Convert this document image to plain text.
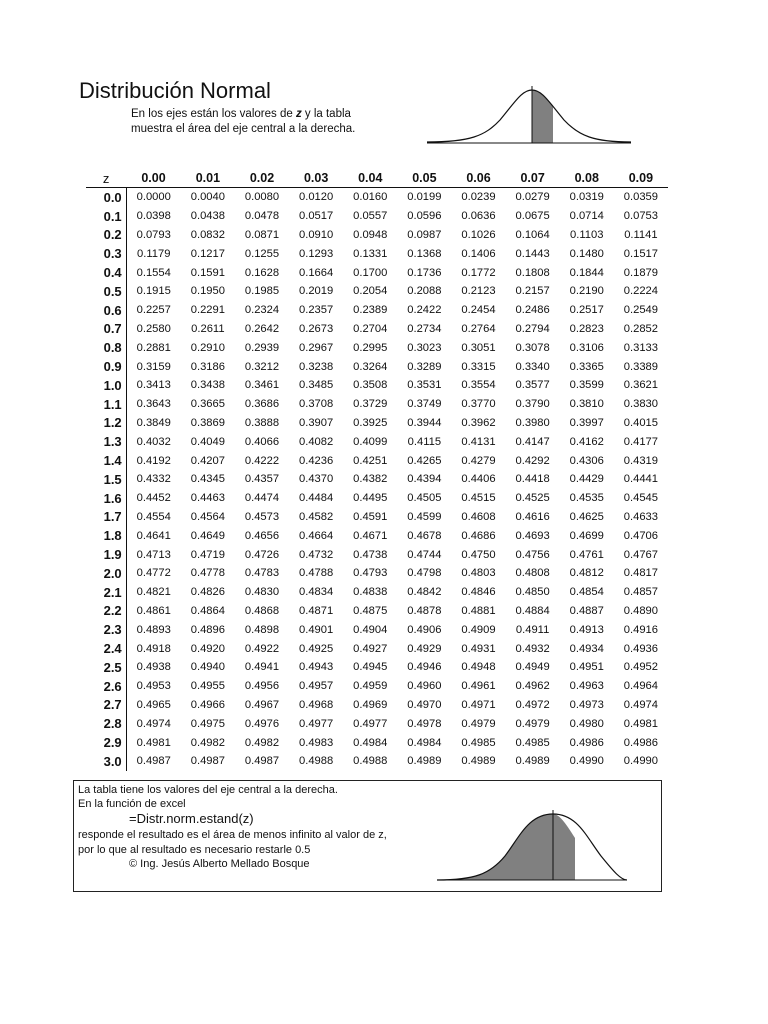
Distribución Normal
En los ejes están los valores de z y la tabla
muestra el área del eje central a la derecha.
z	0.00	0.01	0.02	0.03	0.04	0.05	0.06	0.07	0.08	0.09
0.0	0.0000	0.0040	0.0080	0.0120	0.0160	0.0199	0.0239	0.0279	0.0319	0.0359
0.1	0.0398	0.0438	0.0478	0.0517	0.0557	0.0596	0.0636	0.0675	0.0714	0.0753
0.2	0.0793	0.0832	0.0871	0.0910	0.0948	0.0987	0.1026	0.1064	0.1103	0.1141
0.3	0.1179	0.1217	0.1255	0.1293	0.1331	0.1368	0.1406	0.1443	0.1480	0.1517
0.4	0.1554	0.1591	0.1628	0.1664	0.1700	0.1736	0.1772	0.1808	0.1844	0.1879
0.5	0.1915	0.1950	0.1985	0.2019	0.2054	0.2088	0.2123	0.2157	0.2190	0.2224
0.6	0.2257	0.2291	0.2324	0.2357	0.2389	0.2422	0.2454	0.2486	0.2517	0.2549
0.7	0.2580	0.2611	0.2642	0.2673	0.2704	0.2734	0.2764	0.2794	0.2823	0.2852
0.8	0.2881	0.2910	0.2939	0.2967	0.2995	0.3023	0.3051	0.3078	0.3106	0.3133
0.9	0.3159	0.3186	0.3212	0.3238	0.3264	0.3289	0.3315	0.3340	0.3365	0.3389
1.0	0.3413	0.3438	0.3461	0.3485	0.3508	0.3531	0.3554	0.3577	0.3599	0.3621
1.1	0.3643	0.3665	0.3686	0.3708	0.3729	0.3749	0.3770	0.3790	0.3810	0.3830
1.2	0.3849	0.3869	0.3888	0.3907	0.3925	0.3944	0.3962	0.3980	0.3997	0.4015
1.3	0.4032	0.4049	0.4066	0.4082	0.4099	0.4115	0.4131	0.4147	0.4162	0.4177
1.4	0.4192	0.4207	0.4222	0.4236	0.4251	0.4265	0.4279	0.4292	0.4306	0.4319
1.5	0.4332	0.4345	0.4357	0.4370	0.4382	0.4394	0.4406	0.4418	0.4429	0.4441
1.6	0.4452	0.4463	0.4474	0.4484	0.4495	0.4505	0.4515	0.4525	0.4535	0.4545
1.7	0.4554	0.4564	0.4573	0.4582	0.4591	0.4599	0.4608	0.4616	0.4625	0.4633
1.8	0.4641	0.4649	0.4656	0.4664	0.4671	0.4678	0.4686	0.4693	0.4699	0.4706
1.9	0.4713	0.4719	0.4726	0.4732	0.4738	0.4744	0.4750	0.4756	0.4761	0.4767
2.0	0.4772	0.4778	0.4783	0.4788	0.4793	0.4798	0.4803	0.4808	0.4812	0.4817
2.1	0.4821	0.4826	0.4830	0.4834	0.4838	0.4842	0.4846	0.4850	0.4854	0.4857
2.2	0.4861	0.4864	0.4868	0.4871	0.4875	0.4878	0.4881	0.4884	0.4887	0.4890
2.3	0.4893	0.4896	0.4898	0.4901	0.4904	0.4906	0.4909	0.4911	0.4913	0.4916
2.4	0.4918	0.4920	0.4922	0.4925	0.4927	0.4929	0.4931	0.4932	0.4934	0.4936
2.5	0.4938	0.4940	0.4941	0.4943	0.4945	0.4946	0.4948	0.4949	0.4951	0.4952
2.6	0.4953	0.4955	0.4956	0.4957	0.4959	0.4960	0.4961	0.4962	0.4963	0.4964
2.7	0.4965	0.4966	0.4967	0.4968	0.4969	0.4970	0.4971	0.4972	0.4973	0.4974
2.8	0.4974	0.4975	0.4976	0.4977	0.4977	0.4978	0.4979	0.4979	0.4980	0.4981
2.9	0.4981	0.4982	0.4982	0.4983	0.4984	0.4984	0.4985	0.4985	0.4986	0.4986
3.0	0.4987	0.4987	0.4987	0.4988	0.4988	0.4989	0.4989	0.4989	0.4990	0.4990
La tabla tiene los valores del eje central a la derecha.
En la función de excel
=Distr.norm.estand(z)
responde el resultado es el área de menos infinito al valor de z,
por lo que al resultado es necesario restarle 0.5
© Ing. Jesús Alberto Mellado Bosque
